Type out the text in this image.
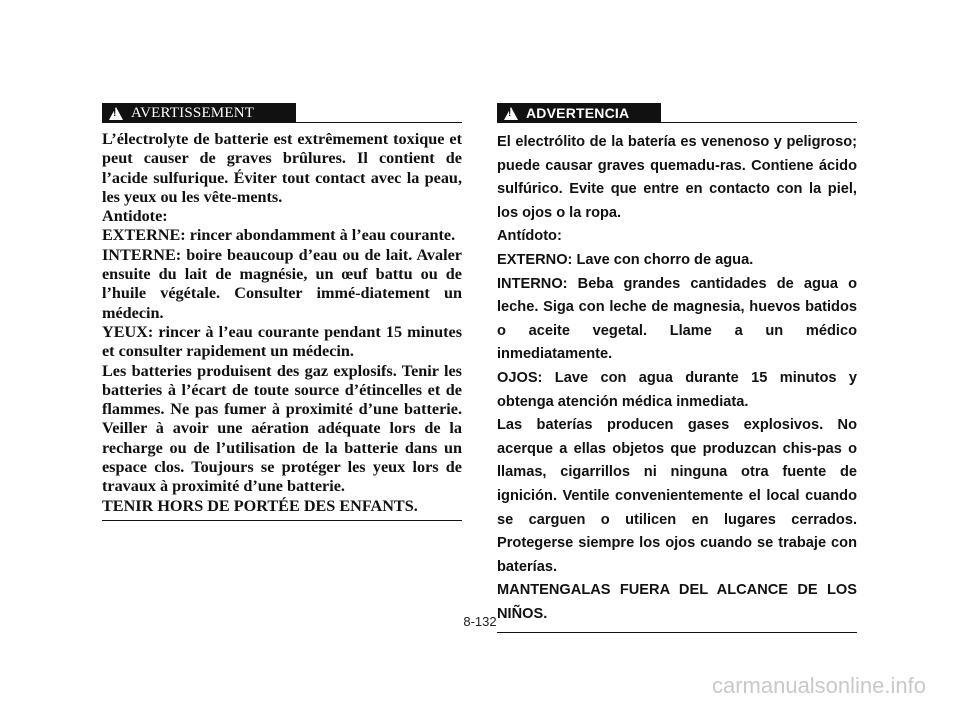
!
AVERTISSEMENT

L’électrolyte de batterie est extrêmement toxique et peut causer de graves brûlures. Il contient de l’acide sulfurique. Éviter tout contact avec la peau, les yeux ou les vête-ments.

Antidote:

EXTERNE: rincer abondamment à l’eau courante.

INTERNE: boire beaucoup d’eau ou de lait. Avaler ensuite du lait de magnésie, un œuf battu ou de l’huile végétale. Consulter immé-diatement un médecin.

YEUX: rincer à l’eau courante pendant 15 minutes et consulter rapidement un médecin.

Les batteries produisent des gaz explosifs. Tenir les batteries à l’écart de toute source d’étincelles et de flammes. Ne pas fumer à proximité d’une batterie. Veiller à avoir une aération adéquate lors de la recharge ou de l’utilisation de la batterie dans un espace clos. Toujours se protéger les yeux lors de travaux à proximité d’une batterie.

TENIR HORS DE PORTÉE DES ENFANTS.

!
ADVERTENCIA

El electrólito de la batería es venenoso y peligroso; puede causar graves quemadu-ras. Contiene ácido sulfúrico. Evite que entre en contacto con la piel, los ojos o la ropa.

Antídoto:

EXTERNO: Lave con chorro de agua.

INTERNO: Beba grandes cantidades de agua o leche. Siga con leche de magnesia, huevos batidos o aceite vegetal. Llame a un médico inmediatamente.

OJOS: Lave con agua durante 15 minutos y obtenga atención médica inmediata.

Las baterías producen gases explosivos. No acerque a ellas objetos que produzcan chis-pas o llamas, cigarrillos ni ninguna otra fuente de ignición. Ventile convenientemente el local cuando se carguen o utilicen en lugares cerrados. Protegerse siempre los ojos cuando se trabaje con baterías.

MANTENGALAS FUERA DEL ALCANCE DE LOS NIÑOS.

8-132
carmanualsonline.info
